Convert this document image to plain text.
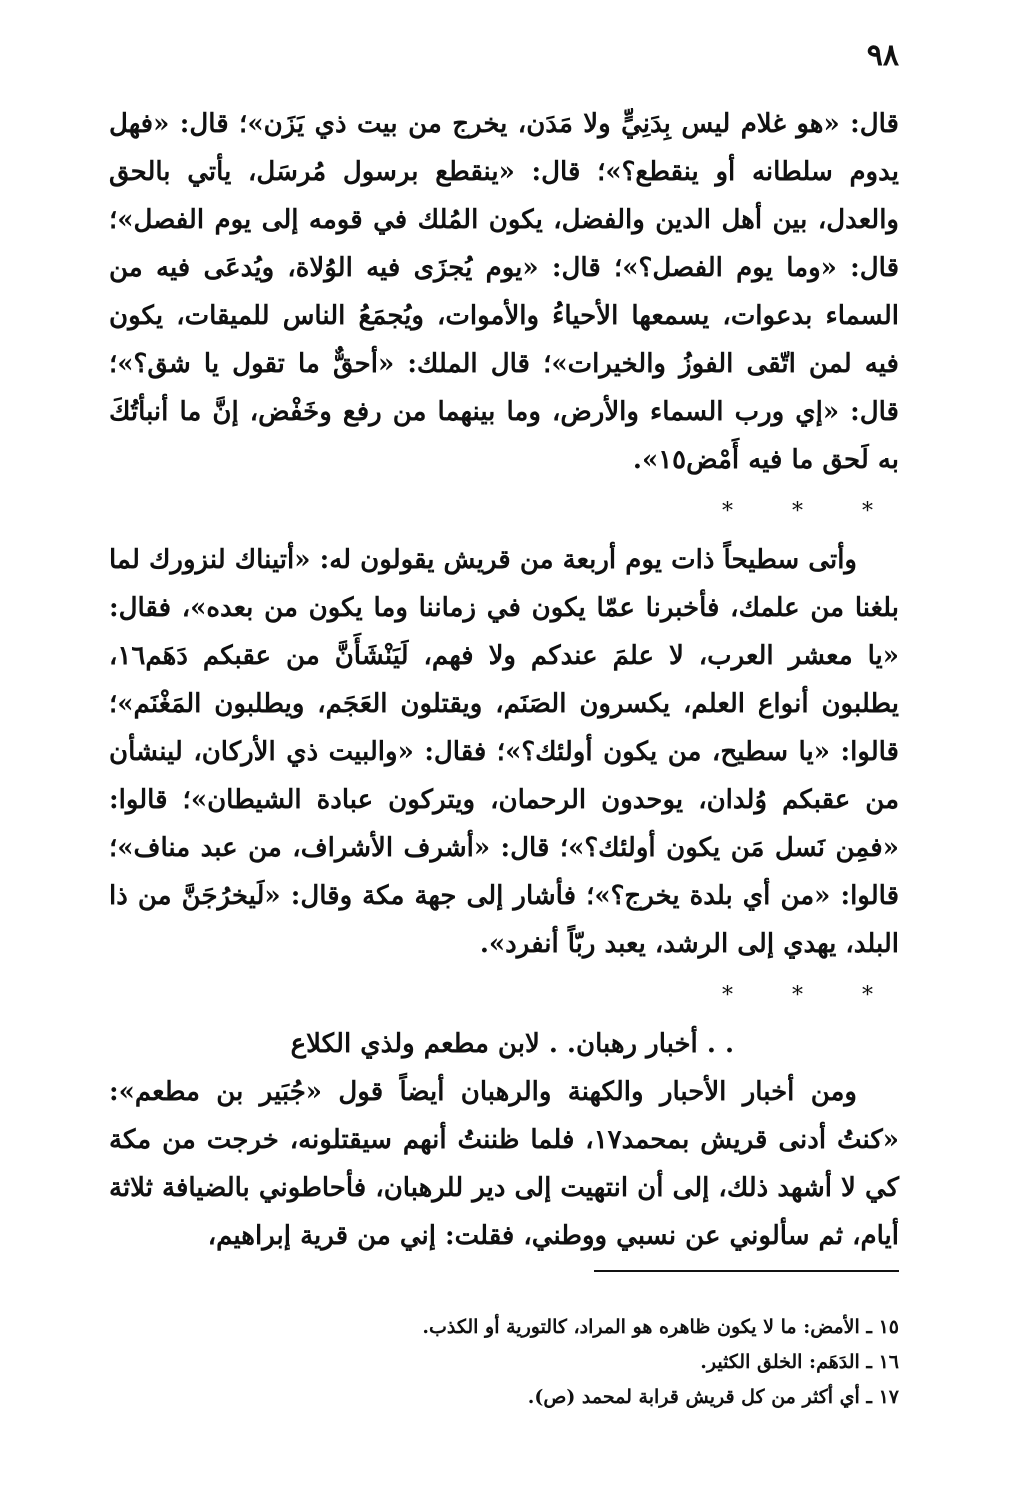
٩٨

قال: «هو غلام ليس بِدَنِيٍّ ولا مَدَن، يخرج من بيت ذي يَزَن»؛ قال: «فهل يدوم سلطانه أو ينقطع؟»؛ قال: «ينقطع برسول مُرسَل، يأتي بالحق والعدل، بين أهل الدين والفضل، يكون المُلك في قومه إلى يوم الفصل»؛ قال: «وما يوم الفصل؟»؛ قال: «يوم يُجزَى فيه الوُلاة، ويُدعَى فيه من السماء بدعوات، يسمعها الأحياءُ والأموات، ويُجمَعُ الناس للميقات، يكون فيه لمن اتّقى الفوزُ والخيرات»؛ قال الملك: «أحقٌّ ما تقول يا شق؟»؛ قال: «إي ورب السماء والأرض، وما بينهما من رفع وخَفْض، إنَّ ما أنبأتُكَ به لَحق ما فيه أَمْض١٥».

* * *

وأتى سطيحاً ذات يوم أربعة من قريش يقولون له: «أتيناك لنزورك لما بلغنا من علمك، فأخبرنا عمّا يكون في زماننا وما يكون من بعده»، فقال: «يا معشر العرب، لا علمَ عندكم ولا فهم، لَيَنْشَأَنَّ من عقبكم دَهَم١٦، يطلبون أنواع العلم، يكسرون الصَنَم، ويقتلون العَجَم، ويطلبون المَغْنَم»؛ قالوا: «يا سطيح، من يكون أولئك؟»؛ فقال: «والبيت ذي الأركان، لينشأن من عقبكم وُلدان، يوحدون الرحمان، ويتركون عبادة الشيطان»؛ قالوا: «فمِن نَسل مَن يكون أولئك؟»؛ قال: «أشرف الأشراف، من عبد مناف»؛ قالوا: «من أي بلدة يخرج؟»؛ فأشار إلى جهة مكة وقال: «لَيخرُجَنَّ من ذا البلد، يهدي إلى الرشد، يعبد ربّاً أنفرد».

* * *

. . أخبار رهبان. . لابن مطعم ولذي الكلاع

ومن أخبار الأحبار والكهنة والرهبان أيضاً قول «جُبَير بن مطعم»: «كنتُ أدنى قريش بمحمد١٧، فلما ظننتُ أنهم سيقتلونه، خرجت من مكة كي لا أشهد ذلك، إلى أن انتهيت إلى دير للرهبان، فأحاطوني بالضيافة ثلاثة أيام، ثم سألوني عن نسبي ووطني، فقلت: إني من قرية إبراهيم،

١٥ ـ الأمض: ما لا يكون ظاهره هو المراد، كالتورية أو الكذب.

١٦ ـ الدَهَم: الخلق الكثير.

١٧ ـ أي أكثر من كل قريش قرابة لمحمد (ص).
